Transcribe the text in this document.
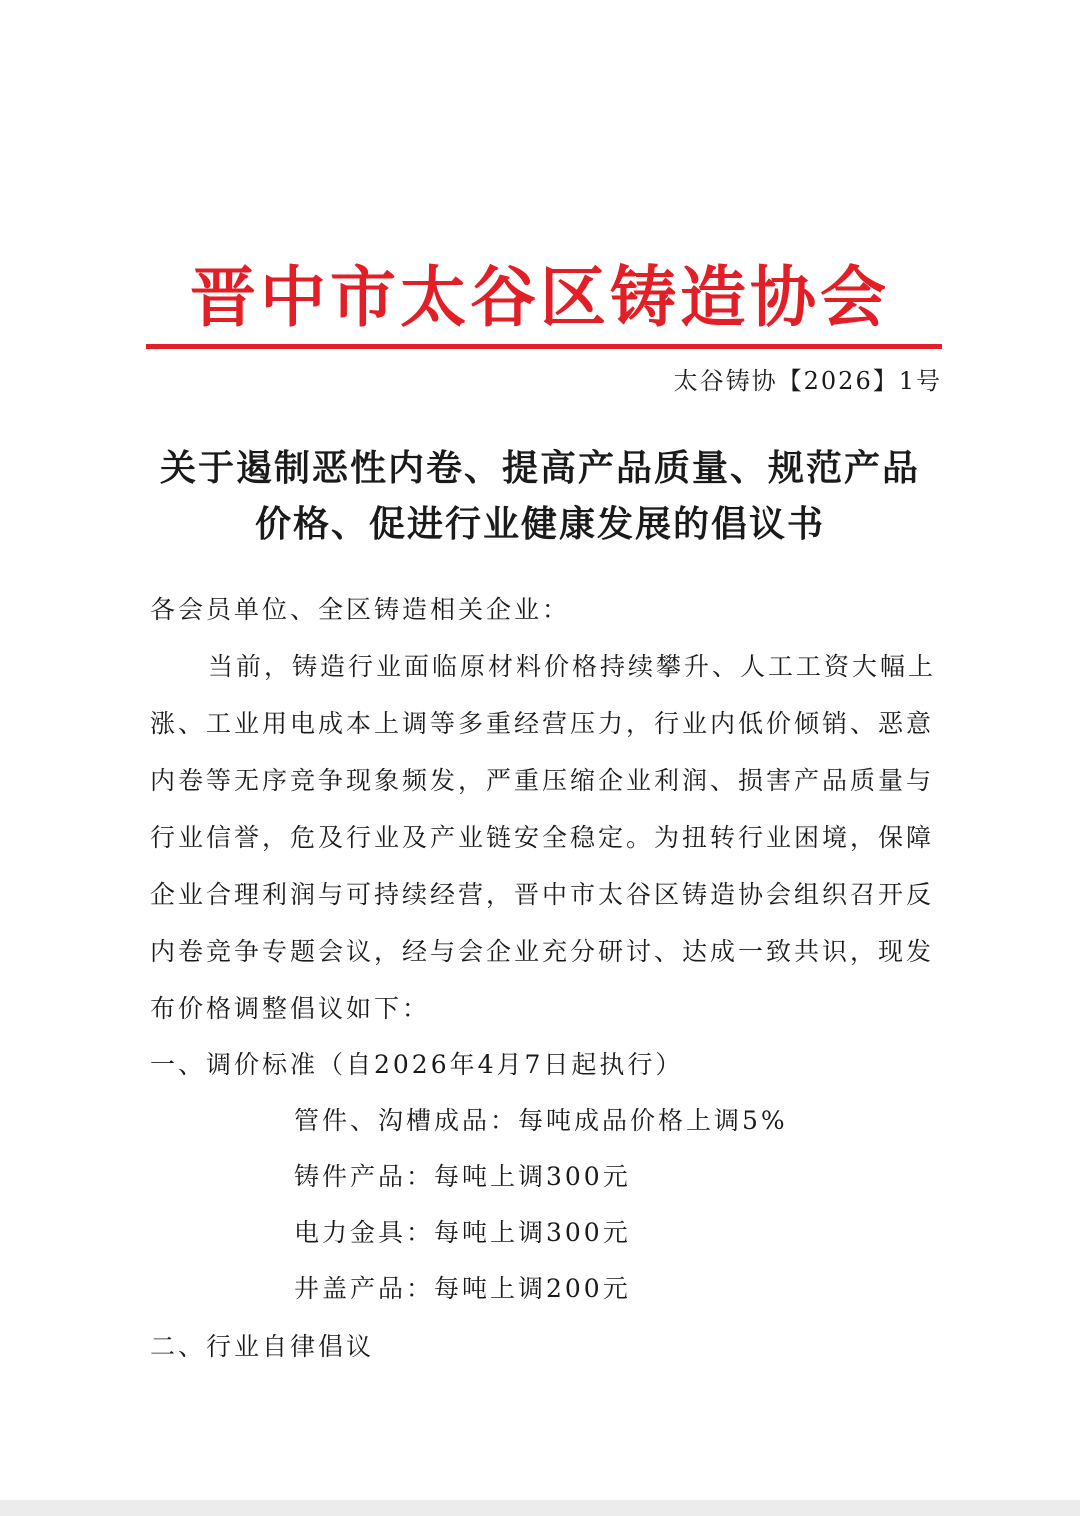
晋中市太谷区铸造协会
太谷铸协【2026】1号
关于遏制恶性内卷、提高产品质量、规范产品
价格、促进行业健康发展的倡议书
各会员单位、全区铸造相关企业：
当前，铸造行业面临原材料价格持续攀升、人工工资大幅上
涨、工业用电成本上调等多重经营压力，行业内低价倾销、恶意
内卷等无序竞争现象频发，严重压缩企业利润、损害产品质量与
行业信誉，危及行业及产业链安全稳定。为扭转行业困境，保障
企业合理利润与可持续经营，晋中市太谷区铸造协会组织召开反
内卷竞争专题会议，经与会企业充分研讨、达成一致共识，现发
布价格调整倡议如下：
一、调价标准（自2026年4月7日起执行）
管件、沟槽成品：每吨成品价格上调5%
铸件产品：每吨上调300元
电力金具：每吨上调300元
井盖产品：每吨上调200元
二、行业自律倡议
